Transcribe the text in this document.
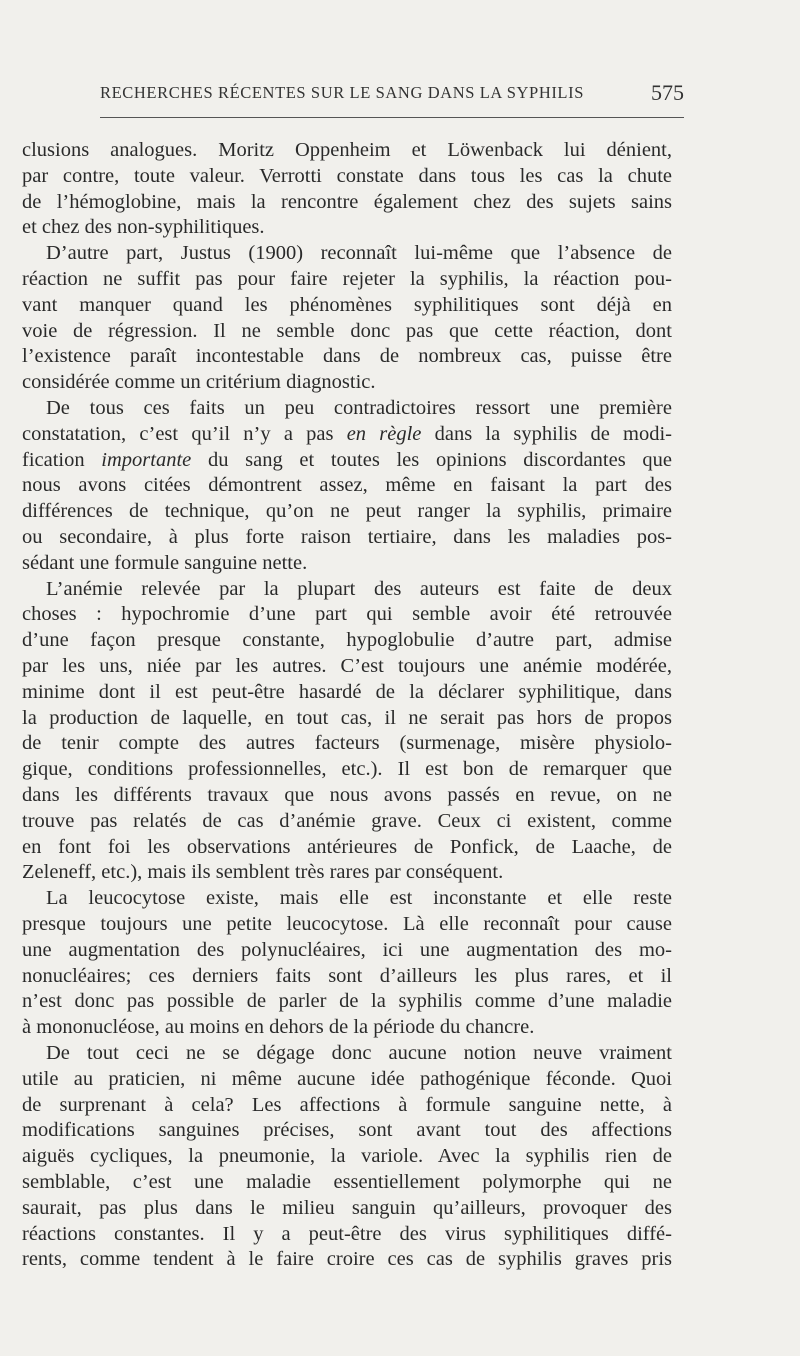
RECHERCHES RÉCENTES SUR LE SANG DANS LA SYPHILIS	575
clusions analogues. Moritz Oppenheim et Löwenback lui dénient,
par contre, toute valeur. Verrotti constate dans tous les cas la chute
de l’hémoglobine, mais la rencontre également chez des sujets sains
et chez des non-syphilitiques.
D’autre part, Justus (1900) reconnaît lui-même que l’absence de
réaction ne suffit pas pour faire rejeter la syphilis, la réaction pou-
vant manquer quand les phénomènes syphilitiques sont déjà en
voie de régression. Il ne semble donc pas que cette réaction, dont
l’existence paraît incontestable dans de nombreux cas, puisse être
considérée comme un critérium diagnostic.
De tous ces faits un peu contradictoires ressort une première
constatation, c’est qu’il n’y a pas en règle dans la syphilis de modi-
fication importante du sang et toutes les opinions discordantes que
nous avons citées démontrent assez, même en faisant la part des
différences de technique, qu’on ne peut ranger la syphilis, primaire
ou secondaire, à plus forte raison tertiaire, dans les maladies pos-
sédant une formule sanguine nette.
L’anémie relevée par la plupart des auteurs est faite de deux
choses : hypochromie d’une part qui semble avoir été retrouvée
d’une façon presque constante, hypoglobulie d’autre part, admise
par les uns, niée par les autres. C’est toujours une anémie modérée,
minime dont il est peut-être hasardé de la déclarer syphilitique, dans
la production de laquelle, en tout cas, il ne serait pas hors de propos
de tenir compte des autres facteurs (surmenage, misère physiolo-
gique, conditions professionnelles, etc.). Il est bon de remarquer que
dans les différents travaux que nous avons passés en revue, on ne
trouve pas relatés de cas d’anémie grave. Ceux ci existent, comme
en font foi les observations antérieures de Ponfick, de Laache, de
Zeleneff, etc.), mais ils semblent très rares par conséquent.
La leucocytose existe, mais elle est inconstante et elle reste
presque toujours une petite leucocytose. Là elle reconnaît pour cause
une augmentation des polynucléaires, ici une augmentation des mo-
nonucléaires; ces derniers faits sont d’ailleurs les plus rares, et il
n’est donc pas possible de parler de la syphilis comme d’une maladie
à mononucléose, au moins en dehors de la période du chancre.
De tout ceci ne se dégage donc aucune notion neuve vraiment
utile au praticien, ni même aucune idée pathogénique féconde. Quoi
de surprenant à cela? Les affections à formule sanguine nette, à
modifications sanguines précises, sont avant tout des affections
aiguës cycliques, la pneumonie, la variole. Avec la syphilis rien de
semblable, c’est une maladie essentiellement polymorphe qui ne
saurait, pas plus dans le milieu sanguin qu’ailleurs, provoquer des
réactions constantes. Il y a peut-être des virus syphilitiques diffé-
rents, comme tendent à le faire croire ces cas de syphilis graves pris
